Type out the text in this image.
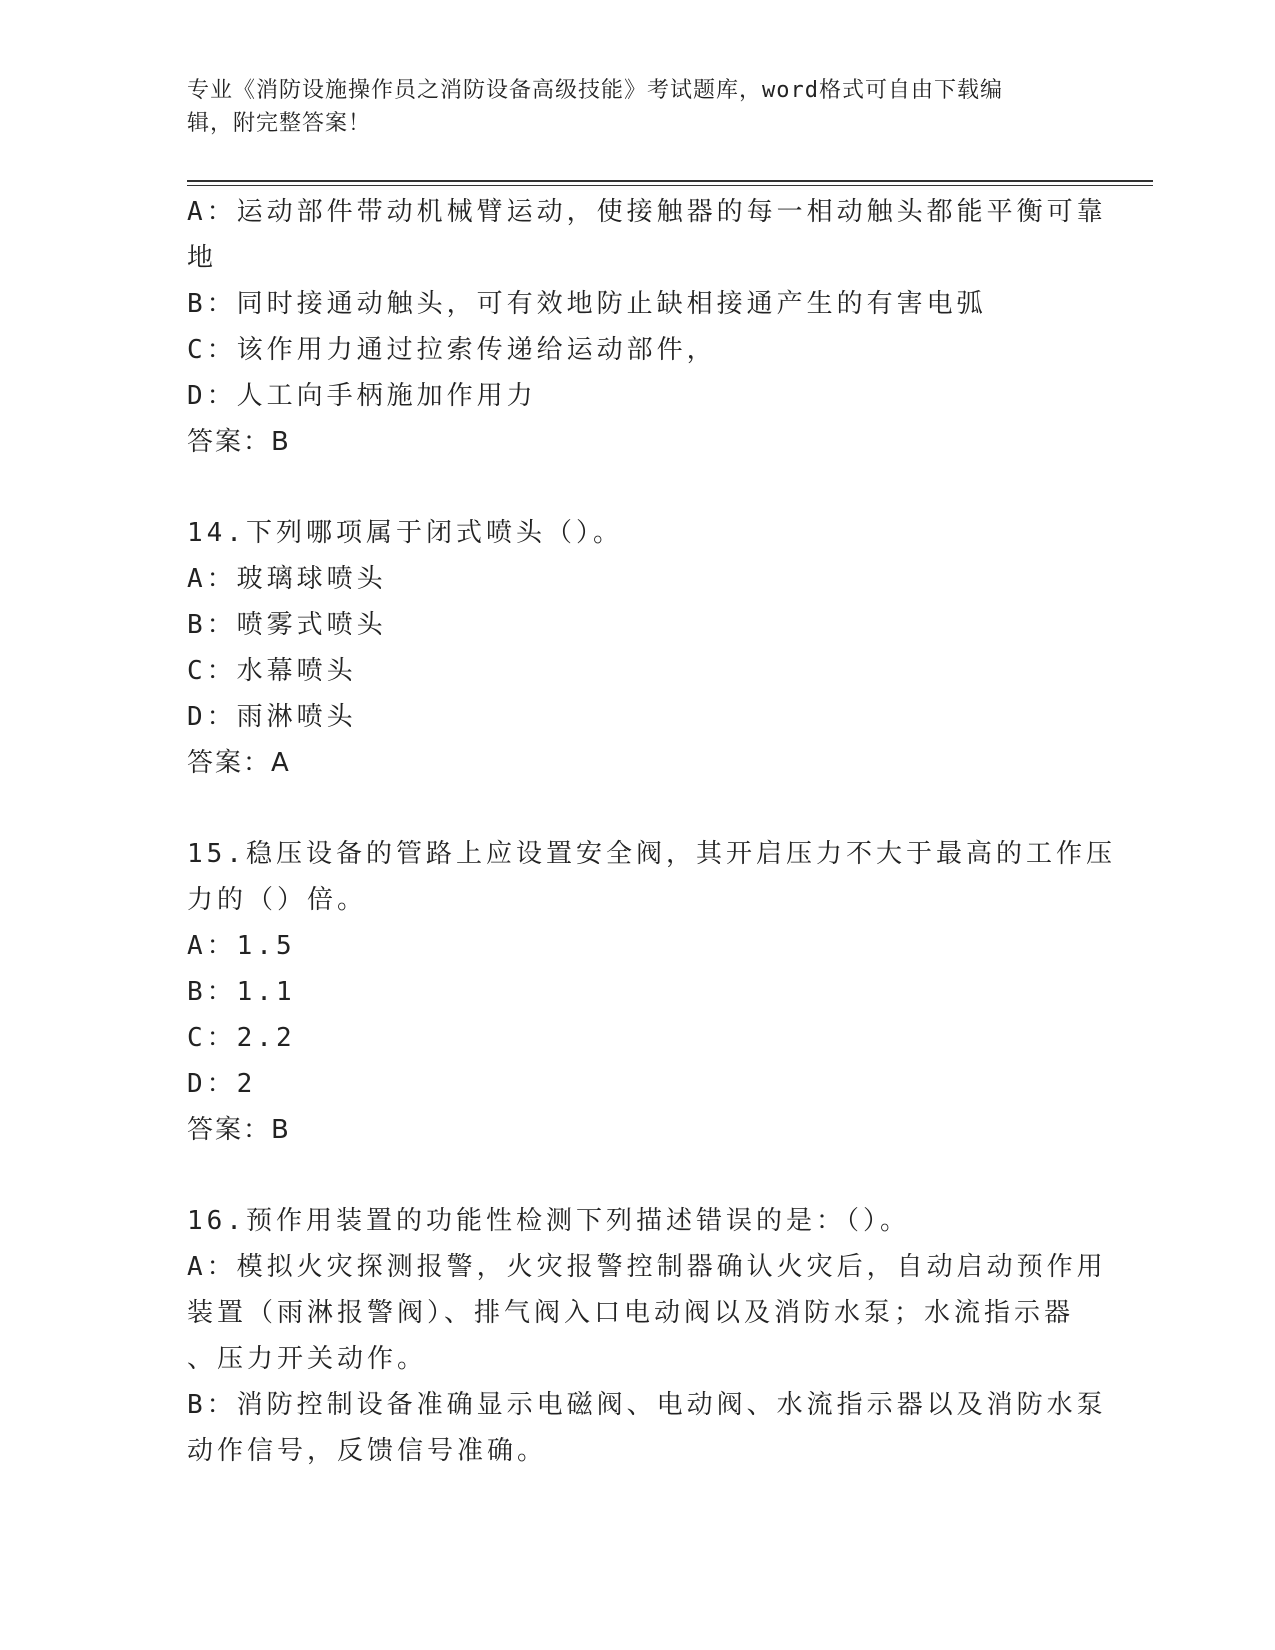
专业《消防设施操作员之消防设备高级技能》考试题库，word格式可自由下载编
辑，附完整答案！
A：运动部件带动机械臂运动，使接触器的每一相动触头都能平衡可靠
地
B：同时接通动触头，可有效地防止缺相接通产生的有害电弧
C：该作用力通过拉索传递给运动部件，
D：人工向手柄施加作用力
答案：B
14.下列哪项属于闭式喷头（）。
A：玻璃球喷头
B：喷雾式喷头
C：水幕喷头
D：雨淋喷头
答案：A
15.稳压设备的管路上应设置安全阀，其开启压力不大于最高的工作压
力的（）倍。
A：1.5
B：1.1
C：2.2
D：2
答案：B
16.预作用装置的功能性检测下列描述错误的是：（）。
A：模拟火灾探测报警，火灾报警控制器确认火灾后，自动启动预作用
装置（雨淋报警阀）、排气阀入口电动阀以及消防水泵；水流指示器
、压力开关动作。
B：消防控制设备准确显示电磁阀、电动阀、水流指示器以及消防水泵
动作信号，反馈信号准确。
